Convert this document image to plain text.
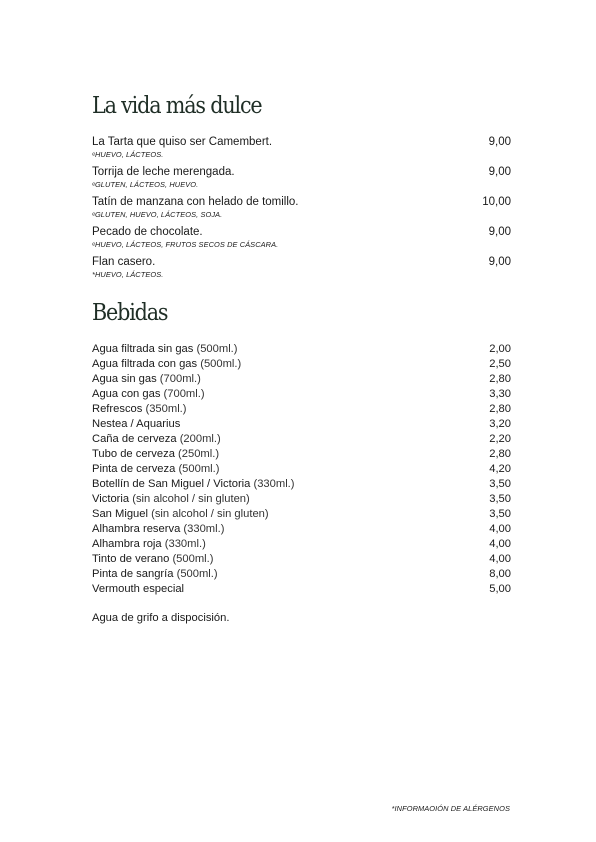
La vida más dulce
La Tarta que quiso ser Camembert.	9,00
ᵉHUEVO, LÁCTEOS.
Torrija de leche merengada.	9,00
ᵉGLUTEN, LÁCTEOS, HUEVO.
Tatín de manzana con helado de tomillo.	10,00
ᵉGLUTEN, HUEVO, LÁCTEOS, SOJA.
Pecado de chocolate.	9,00
ᵉHUEVO, LÁCTEOS, FRUTOS SECOS DE CÁSCARA.
Flan casero.	9,00
*HUEVO, LÁCTEOS.
Bebidas
Agua filtrada sin gas (500ml.)	2,00
Agua filtrada con gas (500ml.)	2,50
Agua sin gas (700ml.)	2,80
Agua con gas (700ml.)	3,30
Refrescos (350ml.)	2,80
Nestea / Aquarius	3,20
Caña de cerveza (200ml.)	2,20
Tubo de cerveza (250ml.)	2,80
Pinta de cerveza (500ml.)	4,20
Botellín de San Miguel / Victoria (330ml.)	3,50
Victoria (sin alcohol / sin gluten)	3,50
San Miguel (sin alcohol / sin gluten)	3,50
Alhambra reserva (330ml.)	4,00
Alhambra roja (330ml.)	4,00
Tinto de verano (500ml.)	4,00
Pinta de sangría (500ml.)	8,00
Vermouth especial	5,00
Agua de grifo a dispocisión.
*INFORMAOIÓN DE ALÉRGENOS
